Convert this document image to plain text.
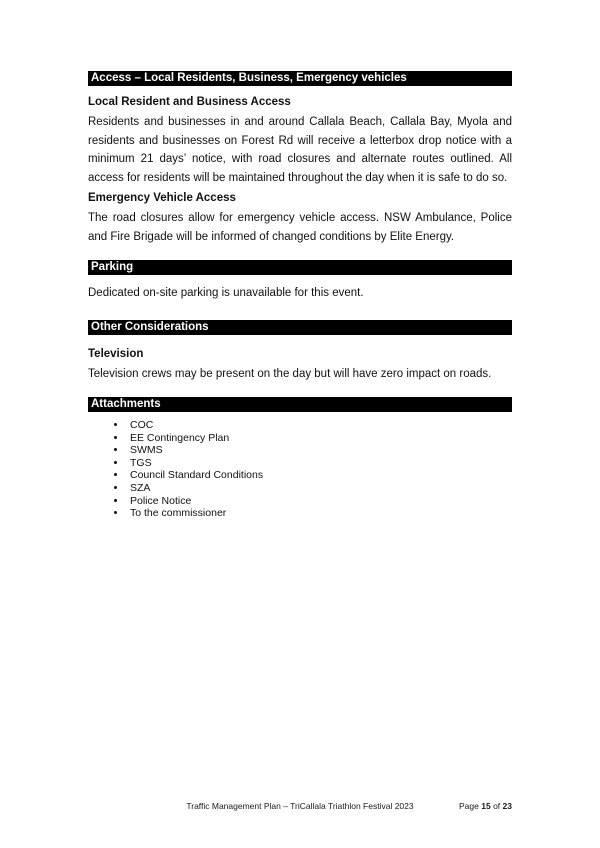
Access – Local Residents, Business, Emergency vehicles
Local Resident and Business Access

Residents and businesses in and around Callala Beach, Callala Bay, Myola and residents and businesses on Forest Rd will receive a letterbox drop notice with a minimum 21 days’ notice, with road closures and alternate routes outlined. All access for residents will be maintained throughout the day when it is safe to do so.

Emergency Vehicle Access

The road closures allow for emergency vehicle access. NSW Ambulance, Police and Fire Brigade will be informed of changed conditions by Elite Energy.

Parking

Dedicated on-site parking is unavailable for this event.

Other Considerations
Television

Television crews may be present on the day but will have zero impact on roads.

Attachments
• COC
• EE Contingency Plan
• SWMS
• TGS
• Council Standard Conditions
• SZA
• Police Notice
• To the commissioner
Traffic Management Plan – TriCallala Triathlon Festival 2023	Page 15 of 23
